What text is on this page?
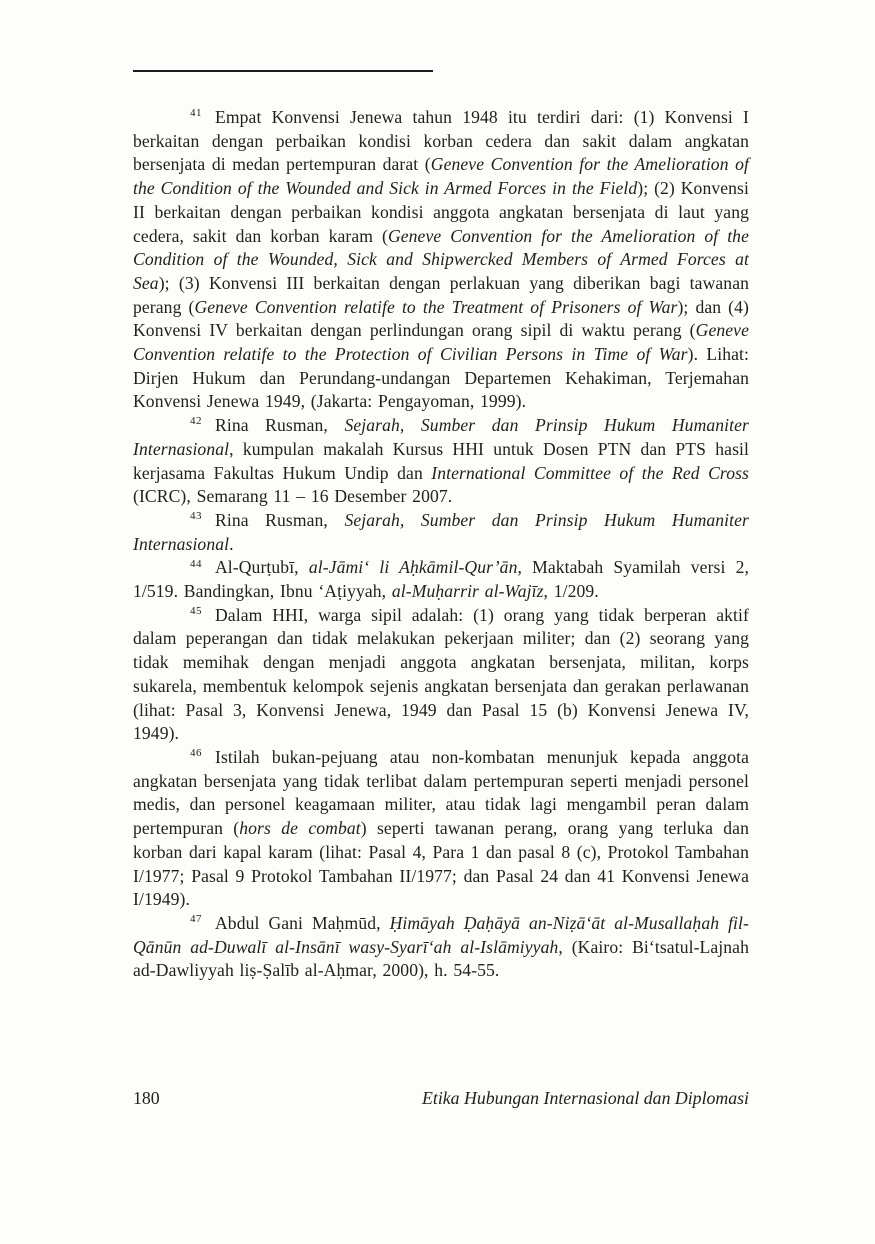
$^{41}$ Empat Konvensi Jenewa tahun 1948 itu terdiri dari: (1) Konvensi I berkaitan dengan perbaikan kondisi korban cedera dan sakit dalam angkatan bersenjata di medan pertempuran darat (Geneve Convention for the Amelioration of the Condition of the Wounded and Sick in Armed Forces in the Field); (2) Konvensi II berkaitan dengan perbaikan kondisi anggota angkatan bersenjata di laut yang cedera, sakit dan korban karam (Geneve Convention for the Amelioration of the Condition of the Wounded, Sick and Shipwercked Members of Armed Forces at Sea); (3) Konvensi III berkaitan dengan perlakuan yang diberikan bagi tawanan perang (Geneve Convention relatife to the Treatment of Prisoners of War); dan (4) Konvensi IV berkaitan dengan perlindungan orang sipil di waktu perang (Geneve Convention relatife to the Protection of Civilian Persons in Time of War). Lihat: Dirjen Hukum dan Perundang-undangan Departemen Kehakiman, Terjemahan Konvensi Jenewa 1949, (Jakarta: Pengayoman, 1999).

$^{42}$ Rina Rusman, Sejarah, Sumber dan Prinsip Hukum Humaniter Internasional, kumpulan makalah Kursus HHI untuk Dosen PTN dan PTS hasil kerjasama Fakultas Hukum Undip dan International Committee of the Red Cross (ICRC), Semarang 11 – 16 Desember 2007.

$^{43}$ Rina Rusman, Sejarah, Sumber dan Prinsip Hukum Humaniter Internasional.

$^{44}$ Al-Qurṭubī, al-Jāmi‘ li Aḥkāmil-Qur’ān, Maktabah Syamilah versi 2, 1/519. Bandingkan, Ibnu ‘Aṭiyyah, al-Muḥarrir al-Wajīz, 1/209.

$^{45}$ Dalam HHI, warga sipil adalah: (1) orang yang tidak berperan aktif dalam peperangan dan tidak melakukan pekerjaan militer; dan (2) seorang yang tidak memihak dengan menjadi anggota angkatan bersenjata, militan, korps sukarela, membentuk kelompok sejenis angkatan bersenjata dan gerakan perlawanan (lihat: Pasal 3, Konvensi Jenewa, 1949 dan Pasal 15 (b) Konvensi Jenewa IV, 1949).

$^{46}$ Istilah bukan-pejuang atau non-kombatan menunjuk kepada anggota angkatan bersenjata yang tidak terlibat dalam pertempuran seperti menjadi personel medis, dan personel keagamaan militer, atau tidak lagi mengambil peran dalam pertempuran (hors de combat) seperti tawanan perang, orang yang terluka dan korban dari kapal karam (lihat: Pasal 4, Para 1 dan pasal 8 (c), Protokol Tambahan I/1977; Pasal 9 Protokol Tambahan II/1977; dan Pasal 24 dan 41 Konvensi Jenewa I/1949).

$^{47}$ Abdul Gani Maḥmūd, Ḥimāyah Ḍaḥāyā an-Niẓā‘āt al-Musallaḥah fil-Qānūn ad-Duwalī al-Insānī wasy-Syarī‘ah al-Islāmiyyah, (Kairo: Bi‘tsatul-Lajnah ad-Dawliyyah liṣ-Ṣalīb al-Aḥmar, 2000), h. 54-55.

180	Etika Hubungan Internasional dan Diplomasi
